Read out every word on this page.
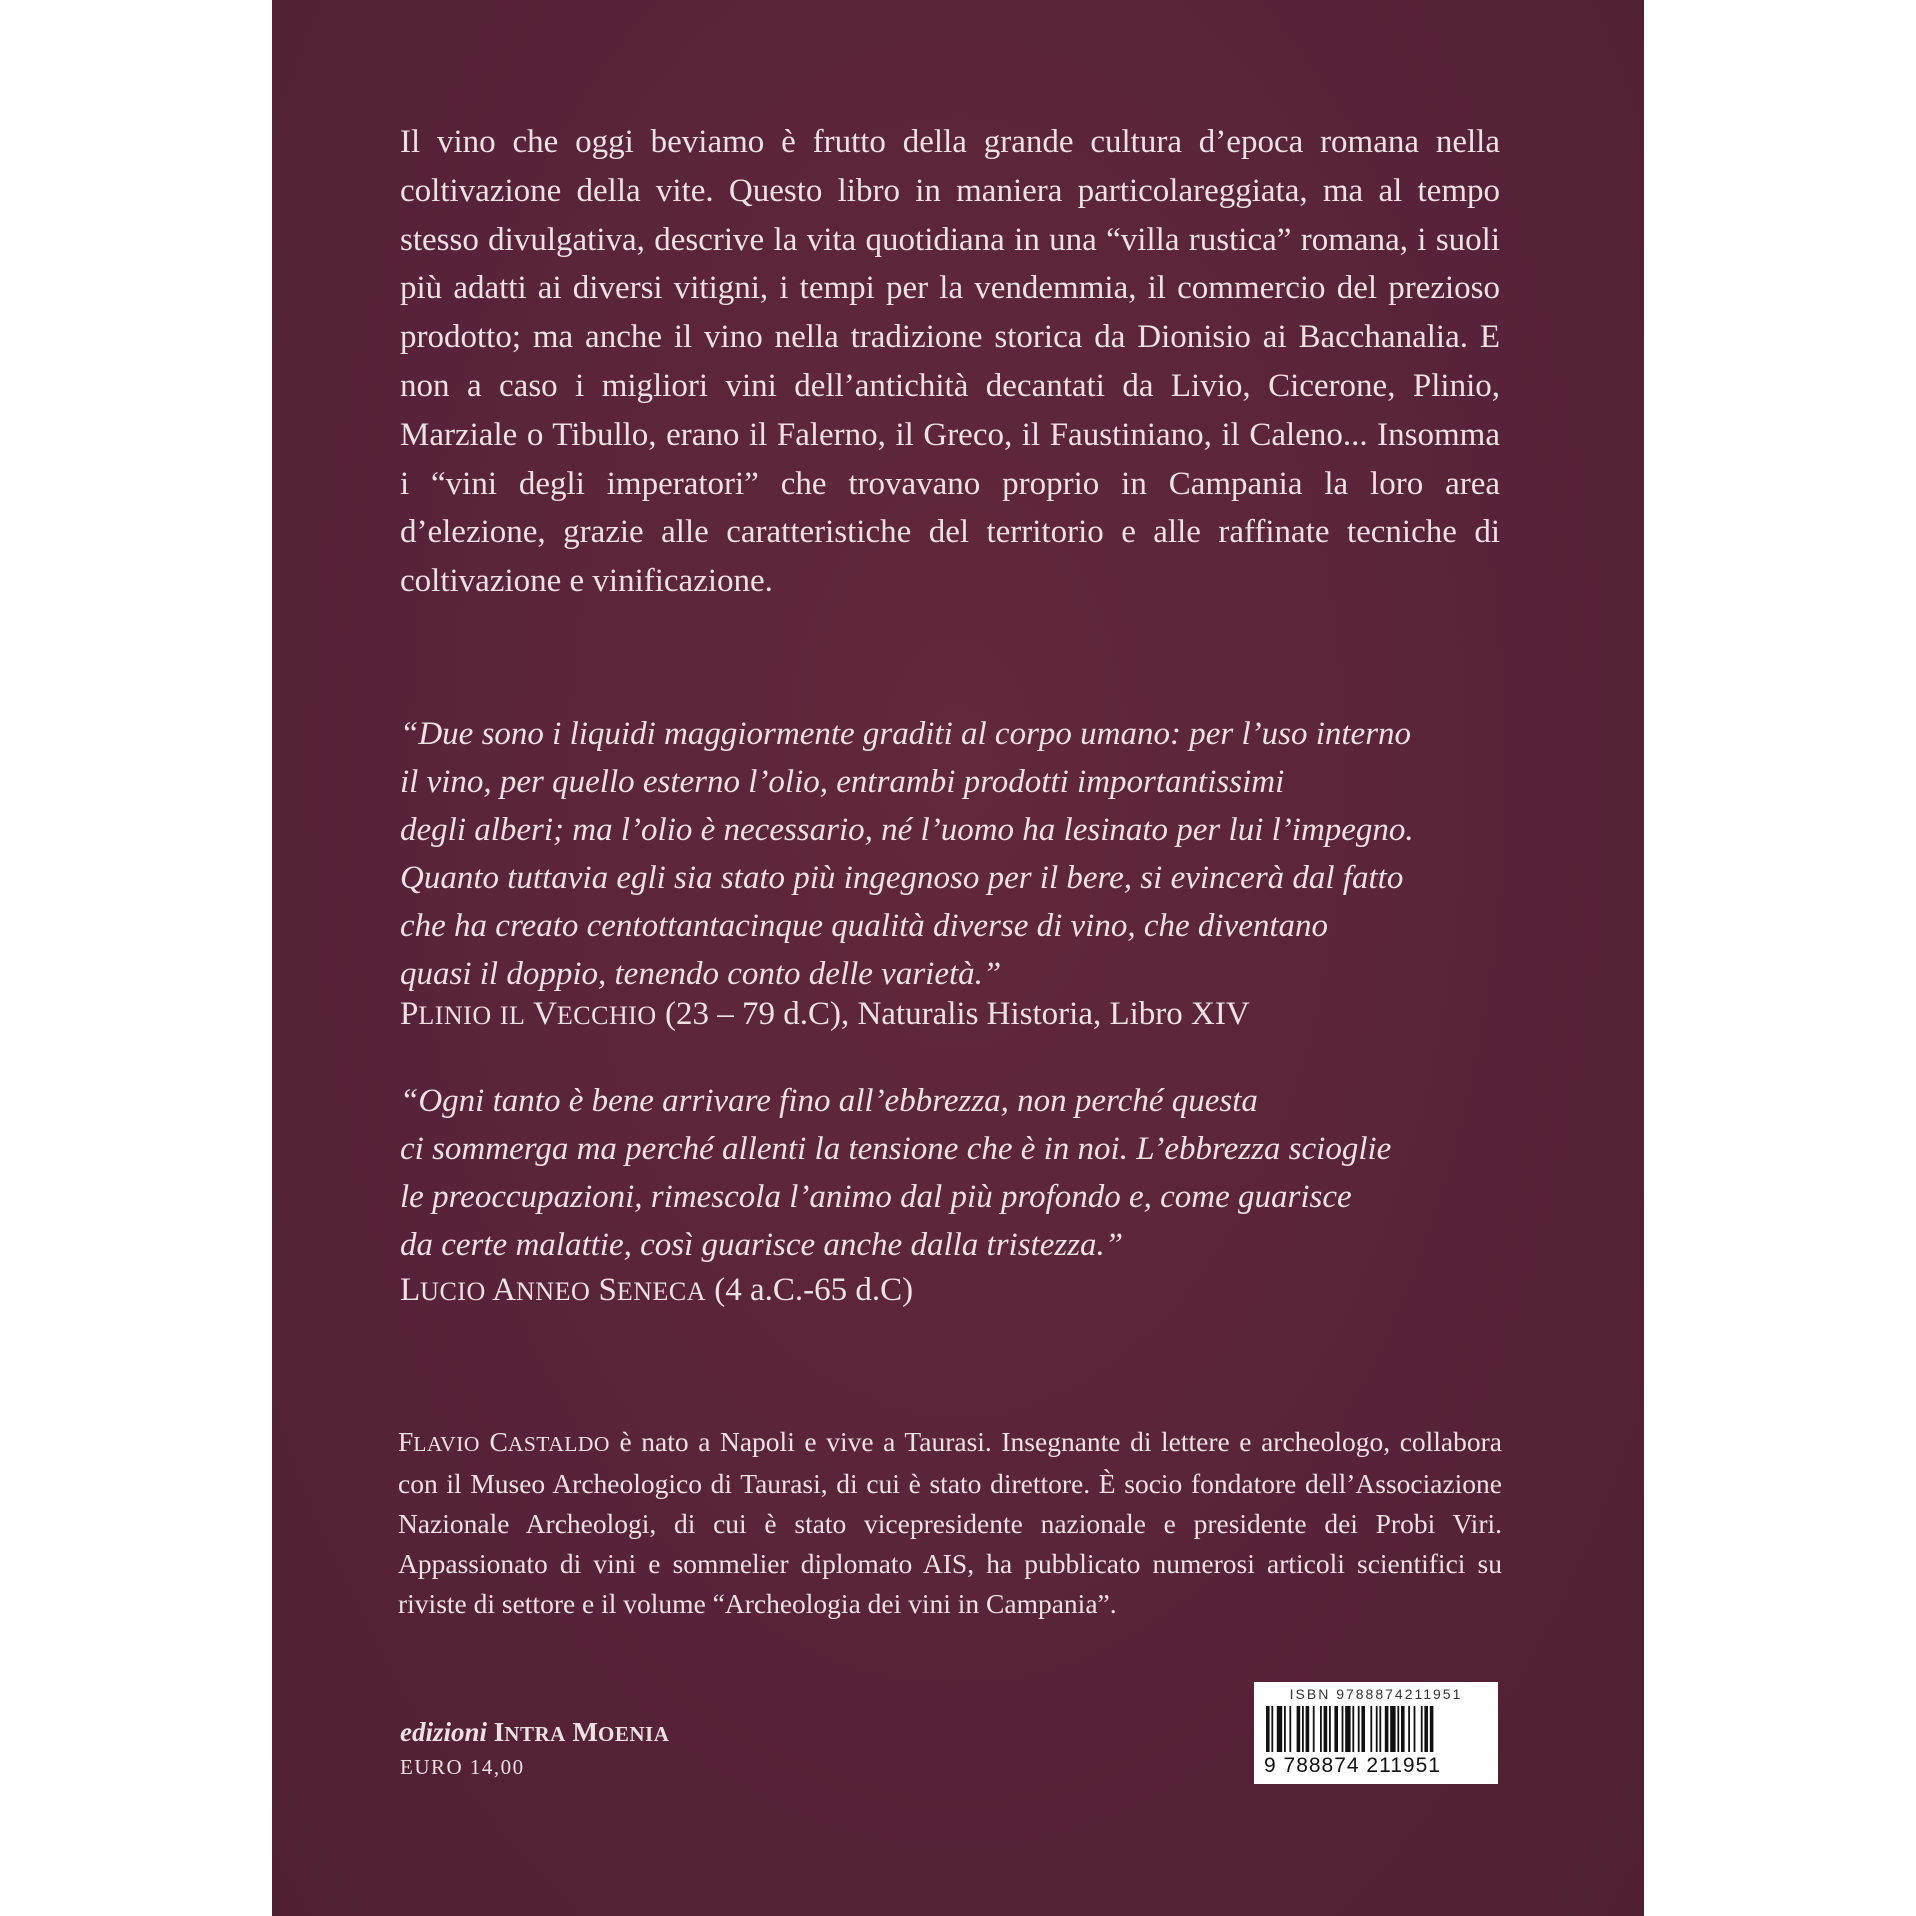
Il vino che oggi beviamo è frutto della grande cultura d’epoca romana nella coltivazione della vite. Questo libro in maniera particolareggiata, ma al tempo stesso divulgativa, descrive la vita quotidiana in una “villa rustica” romana, i suoli più adatti ai diversi vitigni, i tempi per la vendemmia, il commercio del prezioso prodotto; ma anche il vino nella tradizione storica da Dionisio ai Bacchanalia. E non a caso i migliori vini dell’antichità decantati da Livio, Cicerone, Plinio, Marziale o Tibullo, erano il Falerno, il Greco, il Faustiniano, il Caleno... Insomma i “vini degli imperatori” che trovavano proprio in Campania la loro area d’elezione, grazie alle caratteristiche del territorio e alle raffinate tecniche di coltivazione e vinificazione.

“Due sono i liquidi maggiormente graditi al corpo umano: per l’uso interno
il vino, per quello esterno l’olio, entrambi prodotti importantissimi
degli alberi; ma l’olio è necessario, né l’uomo ha lesinato per lui l’impegno.
Quanto tuttavia egli sia stato più ingegnoso per il bere, si evincerà dal fatto
che ha creato centottantacinque qualità diverse di vino, che diventano
quasi il doppio, tenendo conto delle varietà.”
PLINIO IL VECCHIO (23 – 79 d.C), Naturalis Historia, Libro XIV
“Ogni tanto è bene arrivare fino all’ebbrezza, non perché questa
ci sommerga ma perché allenti la tensione che è in noi. L’ebbrezza scioglie
le preoccupazioni, rimescola l’animo dal più profondo e, come guarisce
da certe malattie, così guarisce anche dalla tristezza.”
LUCIO ANNEO SENECA (4 a.C.-65 d.C)

FLAVIO CASTALDO è nato a Napoli e vive a Taurasi. Insegnante di lettere e archeologo, collabora con il Museo Archeologico di Taurasi, di cui è stato direttore. È socio fondatore dell’Associazione Nazionale Archeologi, di cui è stato vicepresidente nazionale e presidente dei Probi Viri. Appassionato di vini e sommelier diplomato AIS, ha pubblicato numerosi articoli scientifici su riviste di settore e il volume “Archeologia dei vini in Campania”.

edizioni INTRA MOENIA
EURO 14,00
ISBN 9788874211951
9 788874 211951
